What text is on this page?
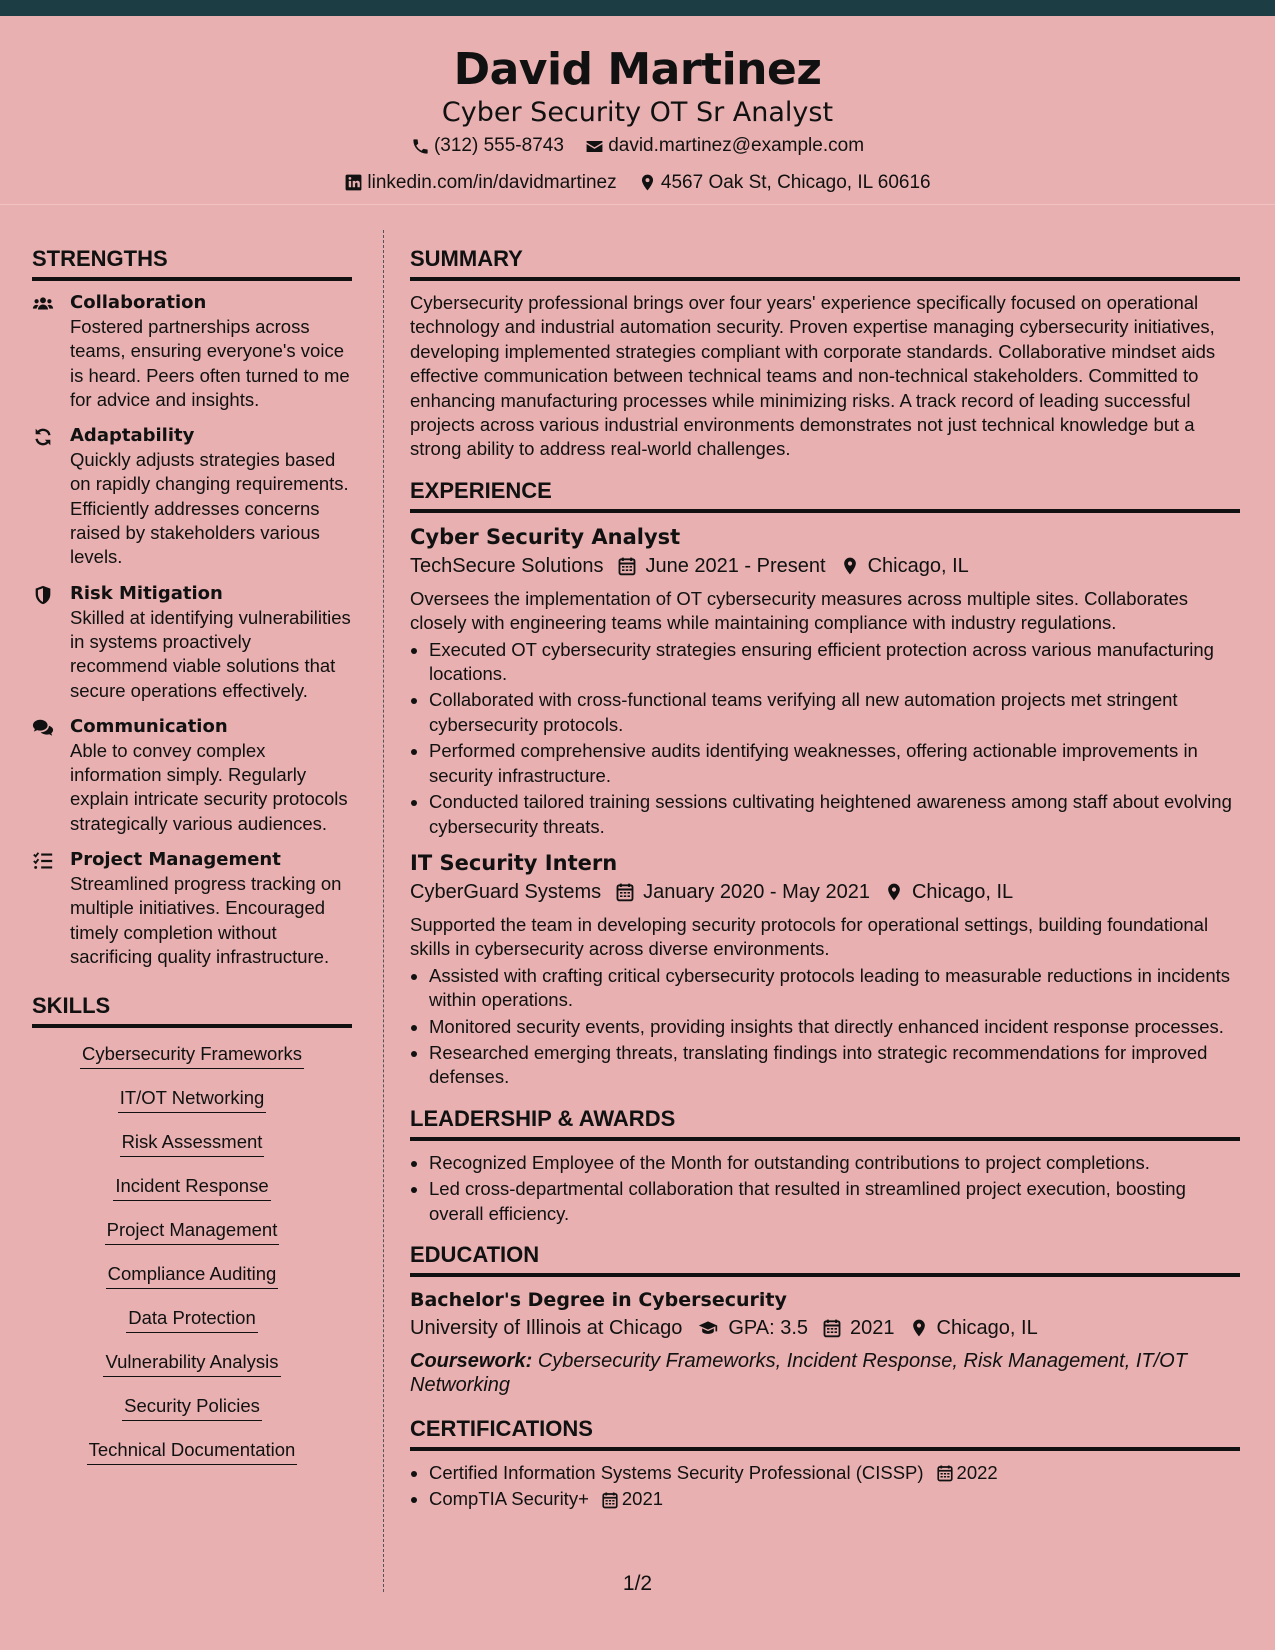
David Martinez
Cyber Security OT Sr Analyst
(312) 555-8743
david.martinez@example.com
linkedin.com/in/davidmartinez
4567 Oak St, Chicago, IL 60616
STRENGTHS
Collaboration
Fostered partnerships across teams, ensuring everyone's voice is heard. Peers often turned to me for advice and insights.
Adaptability
Quickly adjusts strategies based on rapidly changing requirements. Efficiently addresses concerns raised by stakeholders various levels.
Risk Mitigation
Skilled at identifying vulnerabilities in systems proactively recommend viable solutions that secure operations effectively.
Communication
Able to convey complex information simply. Regularly explain intricate security protocols strategically various audiences.
Project Management
Streamlined progress tracking on multiple initiatives. Encouraged timely completion without sacrificing quality infrastructure.
SKILLS
Cybersecurity Frameworks
IT/OT Networking
Risk Assessment
Incident Response
Project Management
Compliance Auditing
Data Protection
Vulnerability Analysis
Security Policies
Technical Documentation
SUMMARY
Cybersecurity professional brings over four years' experience specifically focused on operational technology and industrial automation security. Proven expertise managing cybersecurity initiatives, developing implemented strategies compliant with corporate standards. Collaborative mindset aids effective communication between technical teams and non-technical stakeholders. Committed to enhancing manufacturing processes while minimizing risks. A track record of leading successful projects across various industrial environments demonstrates not just technical knowledge but a strong ability to address real-world challenges.
EXPERIENCE
Cyber Security Analyst
TechSecure Solutions June 2021 - Present Chicago, IL
Oversees the implementation of OT cybersecurity measures across multiple sites. Collaborates closely with engineering teams while maintaining compliance with industry regulations.
• Executed OT cybersecurity strategies ensuring efficient protection across various manufacturing locations.
• Collaborated with cross-functional teams verifying all new automation projects met stringent cybersecurity protocols.
• Performed comprehensive audits identifying weaknesses, offering actionable improvements in security infrastructure.
• Conducted tailored training sessions cultivating heightened awareness among staff about evolving cybersecurity threats.
IT Security Intern
CyberGuard Systems January 2020 - May 2021 Chicago, IL
Supported the team in developing security protocols for operational settings, building foundational skills in cybersecurity across diverse environments.
• Assisted with crafting critical cybersecurity protocols leading to measurable reductions in incidents within operations.
• Monitored security events, providing insights that directly enhanced incident response processes.
• Researched emerging threats, translating findings into strategic recommendations for improved defenses.
LEADERSHIP & AWARDS
• Recognized Employee of the Month for outstanding contributions to project completions.
• Led cross-departmental collaboration that resulted in streamlined project execution, boosting overall efficiency.
EDUCATION
Bachelor's Degree in Cybersecurity
University of Illinois at Chicago GPA: 3.5 2021 Chicago, IL
Coursework: Cybersecurity Frameworks, Incident Response, Risk Management, IT/OT Networking
CERTIFICATIONS
• Certified Information Systems Security Professional (CISSP) 2022
• CompTIA Security+ 2021
1/2
